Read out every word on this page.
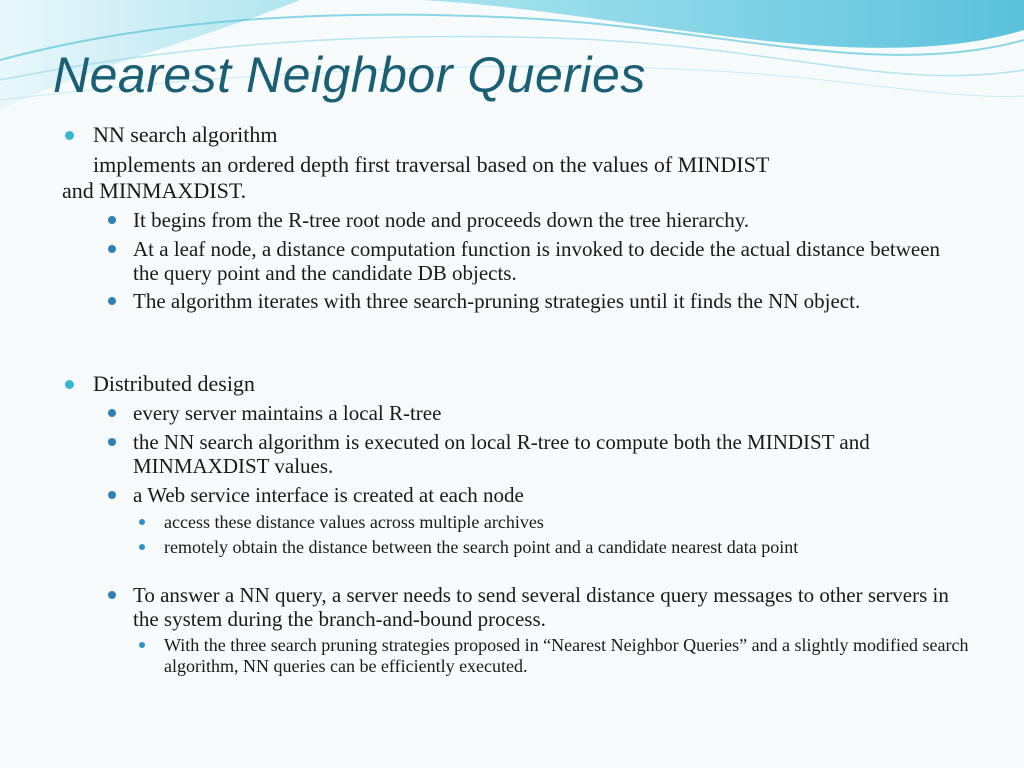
Nearest Neighbor Queries
NN search algorithm
implements an ordered depth first traversal based on the values of MINDIST
and MINMAXDIST.
It begins from the R-tree root node and proceeds down the tree hierarchy.
At a leaf node, a distance computation function is invoked to decide the actual distance between the query point and the candidate DB objects.
The algorithm iterates with three search-pruning strategies until it finds the NN object.
Distributed design
every server maintains a local R-tree
the NN search algorithm is executed on local R-tree to compute both the MINDIST and MINMAXDIST values.
a Web service interface is created at each node
access these distance values across multiple archives
remotely obtain the distance between the search point and a candidate nearest data point
To answer a NN query, a server needs to send several distance query messages to other servers in the system during the branch-and-bound process.
With the three search pruning strategies proposed in “Nearest Neighbor Queries” and a slightly modified search algorithm, NN queries can be efficiently executed.
